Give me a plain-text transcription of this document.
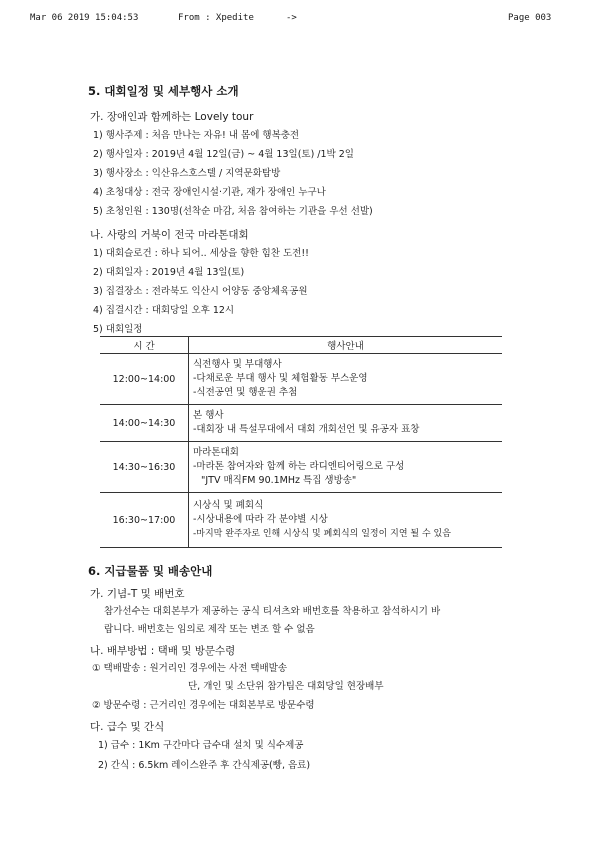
Mar 06 2019 15:04:53	From : Xpedite	->	Page 003
5. 대회일정 및 세부행사 소개
가. 장애인과 함께하는 Lovely tour
1) 행사주제 : 처음 만나는 자유! 내 몸에 행복충전
2) 행사일자 : 2019년 4월 12일(금) ~ 4월 13일(토) /1박 2일
3) 행사장소 : 익산유스호스텔 / 지역문화탐방
4) 초청대상 : 전국 장애인시설·기관, 재가 장애인 누구나
5) 초청인원 : 130명(선착순 마감, 처음 참여하는 기관을 우선 선발)
나. 사랑의 거북이 전국 마라톤대회
1) 대회슬로건 : 하나 되어.. 세상을 향한 힘찬 도전!!
2) 대회일자 : 2019년 4월 13일(토)
3) 집결장소 : 전라북도 익산시 어양동 중앙체육공원
4) 집결시간 : 대회당일 오후 12시
5) 대회일정
시 간	행사안내
12:00~14:00	식전행사 및 부대행사
-다채로운 부대 행사 및 체험활동 부스운영
-식전공연 및 행운권 추첨

14:00~14:30	본 행사
-대회장 내 특설무대에서 대회 개회선언 및 유공자 표창

14:30~16:30	마라톤대회
-마라톤 참여자와 함께 하는 라디엔티어링으로 구성
"JTV 매직FM 90.1MHz 특집 생방송"

16:30~17:00	시상식 및 폐회식
-시상내용에 따라 각 분야별 시상
-마지막 완주자로 인해 시상식 및 폐회식의 일정이 지연 될 수 있음
6. 지급물품 및 배송안내
가. 기념-T 및 배번호
참가선수는 대회본부가 제공하는 공식 티셔츠와 배번호를 착용하고 참석하시기 바
랍니다. 배번호는 임의로 제작 또는 변조 할 수 없음
나. 배부방법 : 택배 및 방문수령
① 택배발송 : 원거리인 경우에는 사전 택배발송
단, 개인 및 소단위 참가팀은 대회당일 현장배부
② 방문수령 : 근거리인 경우에는 대회본부로 방문수령
다. 급수 및 간식
1) 급수 : 1Km 구간마다 급수대 설치 및 식수제공
2) 간식 : 6.5km 레이스완주 후 간식제공(빵, 음료)
